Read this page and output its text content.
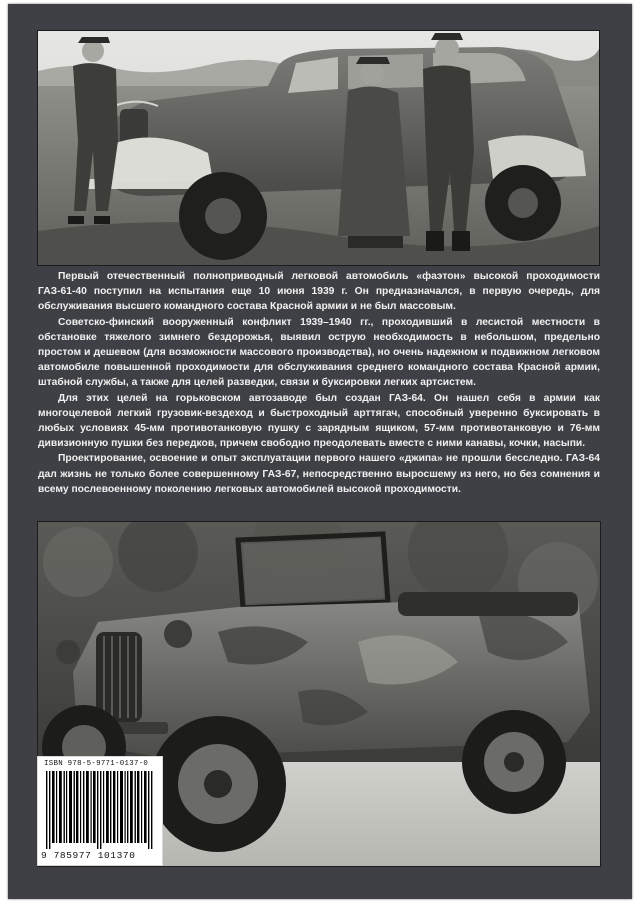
Первый отечественный полноприводный легковой автомобиль «фаэтон» высокой проходимости ГАЗ-61-40 поступил на испытания еще 10 июня 1939 г. Он предназначался, в первую очередь, для обслуживания высшего командного состава Красной армии и не был массовым.

Советско-финский вооруженный конфликт 1939–1940 гг., проходивший в лесистой местности в обстановке тяжелого зимнего бездорожья, выявил острую необходимость в небольшом, предельно простом и дешевом (для возможности массового производства), но очень надежном и подвижном легковом автомобиле повышенной проходимости для обслуживания среднего командного состава Красной армии, штабной службы, а также для целей разведки, связи и буксировки легких артсистем.

Для этих целей на горьковском автозаводе был создан ГАЗ-64. Он нашел себя в армии как многоцелевой легкий грузовик-вездеход и быстроходный арттягач, способный уверенно буксировать в любых условиях 45-мм противотанковую пушку с зарядным ящиком, 57-мм противотанковую и 76-мм дивизионную пушки без передков, причем свободно преодолевать вместе с ними канавы, кочки, насыпи.

Проектирование, освоение и опыт эксплуатации первого нашего «джипа» не прошли бесследно. ГАЗ-64 дал жизнь не только более совершенному ГАЗ-67, непосредственно выросшему из него, но без сомнения и всему послевоенному поколению легковых автомобилей высокой проходимости.

ISBN 978-5-9771-0137-0
9 785977 101370
